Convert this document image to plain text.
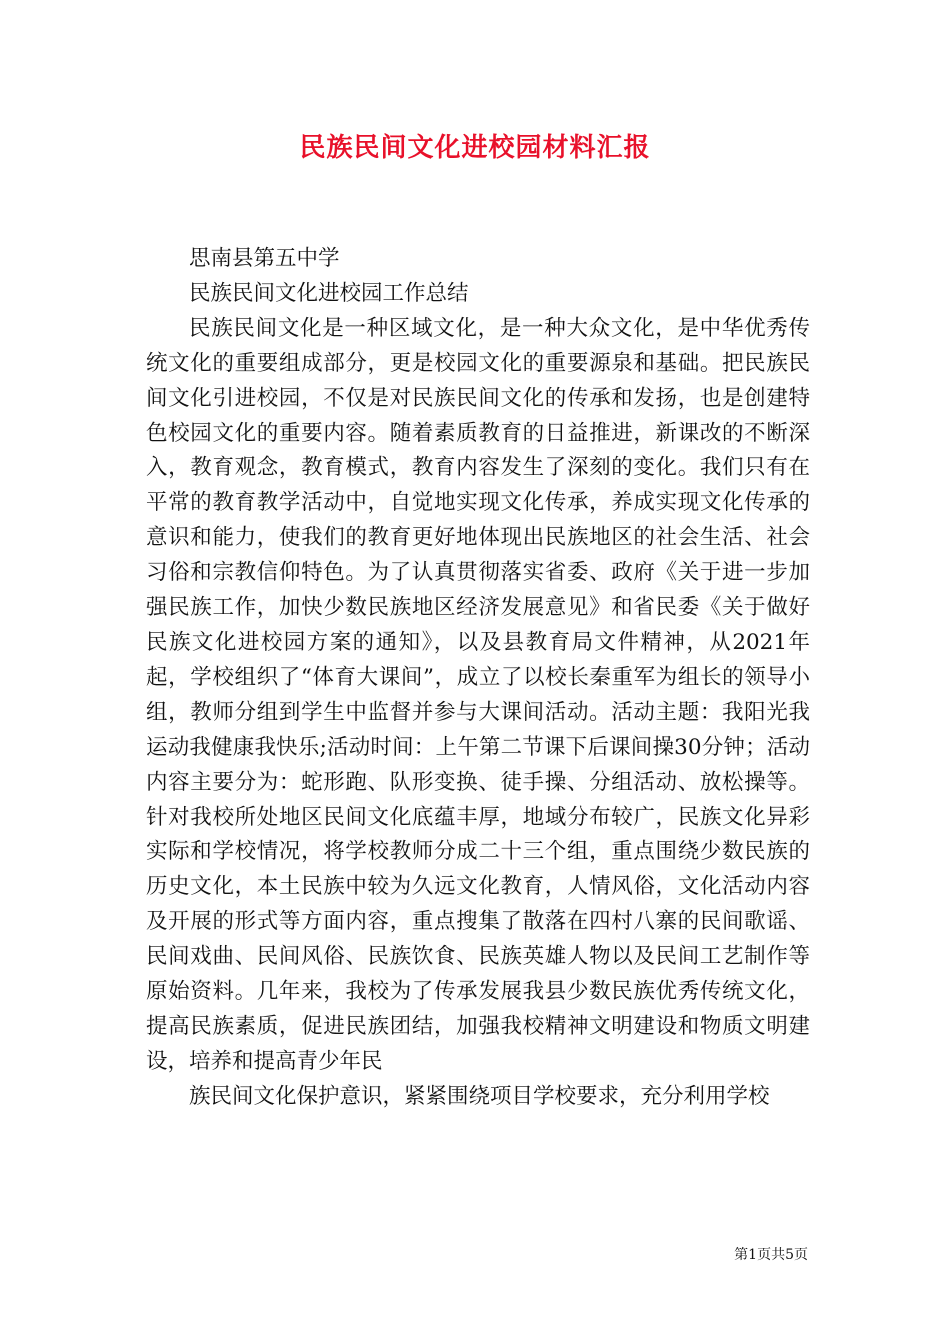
民族民间文化进校园材料汇报

思南县第五中学

民族民间文化进校园工作总结

民族民间文化是一种区域文化，是一种大众文化，是中华优秀传统文化的重要组成部分，更是校园文化的重要源泉和基础。把民族民间文化引进校园，不仅是对民族民间文化的传承和发扬，也是创建特色校园文化的重要内容。随着素质教育的日益推进，新课改的不断深入，教育观念，教育模式，教育内容发生了深刻的变化。我们只有在平常的教育教学活动中，自觉地实现文化传承，养成实现文化传承的意识和能力，使我们的教育更好地体现出民族地区的社会生活、社会习俗和宗教信仰特色。为了认真贯彻落实省委、政府《关于进一步加强民族工作，加快少数民族地区经济发展意见》和省民委《关于做好民族文化进校园方案的通知》，以及县教育局文件精神，从2021年起，学校组织了“体育大课间”，成立了以校长秦重军为组长的领导小组，教师分组到学生中监督并参与大课间活动。活动主题：我阳光我运动我健康我快乐;活动时间：上午第二节课下后课间操30分钟；活动内容主要分为：蛇形跑、队形变换、徒手操、分组活动、放松操等。针对我校所处地区民间文化底蕴丰厚，地域分布较广，民族文化异彩实际和学校情况，将学校教师分成二十三个组，重点围绕少数民族的历史文化，本土民族中较为久远文化教育，人情风俗，文化活动内容及开展的形式等方面内容，重点搜集了散落在四村八寨的民间歌谣、民间戏曲、民间风俗、民族饮食、民族英雄人物以及民间工艺制作等原始资料。几年来，我校为了传承发展我县少数民族优秀传统文化，提高民族素质，促进民族团结，加强我校精神文明建设和物质文明建设，培养和提高青少年民

族民间文化保护意识，紧紧围绕项目学校要求，充分利用学校

第1页共5页
